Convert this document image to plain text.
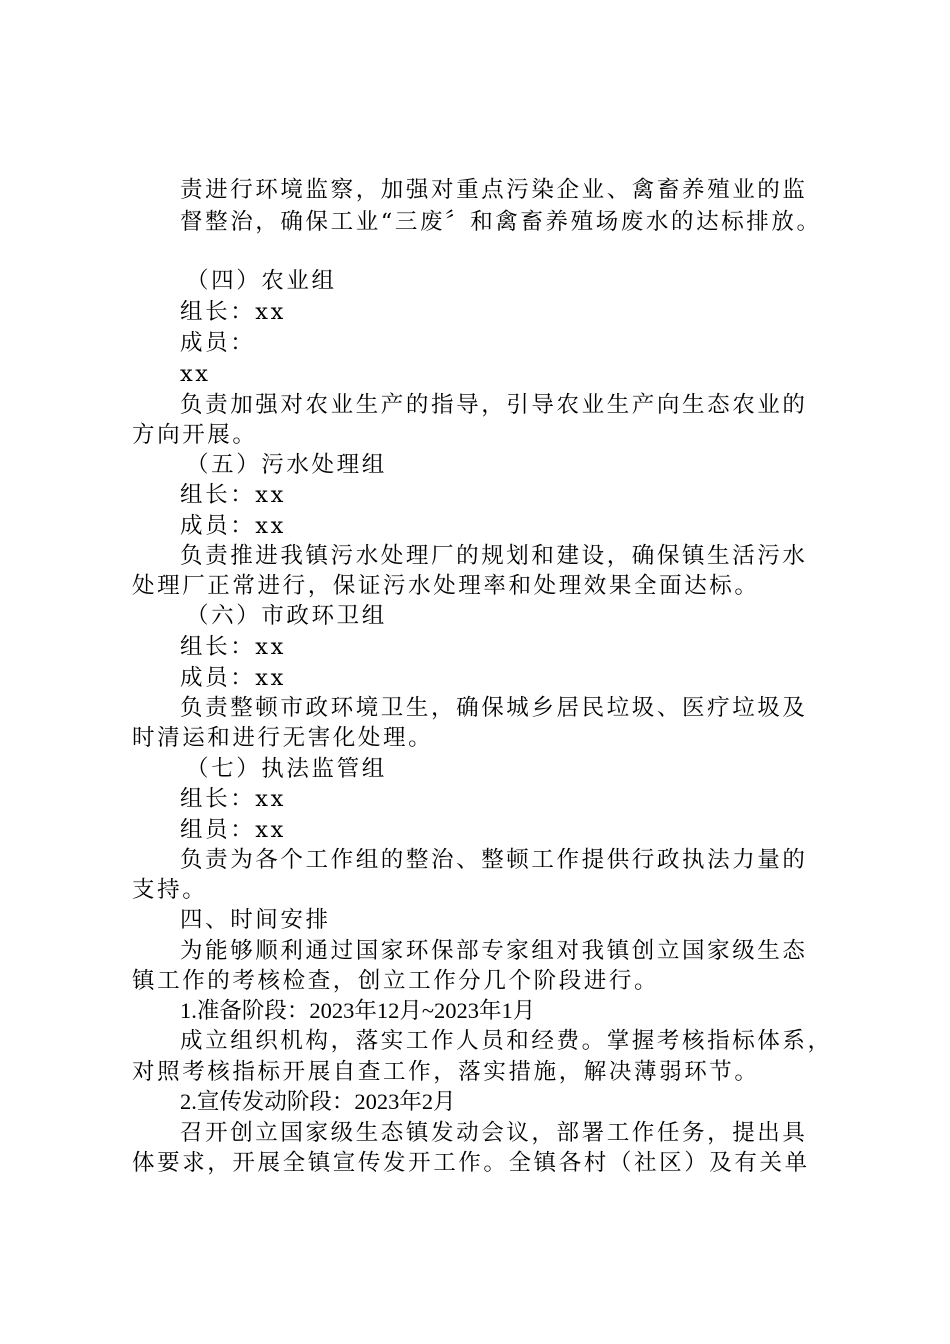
责进行环境监察，加强对重点污染企业、禽畜养殖业的监
督整治，确保工业“三废〞和禽畜养殖场废水的达标排放。
（四）农业组
组长：xx
成员：
xx
负责加强对农业生产的指导，引导农业生产向生态农业的
方向开展。
（五）污水处理组
组长：xx
成员：xx
负责推进我镇污水处理厂的规划和建设，确保镇生活污水
处理厂正常进行，保证污水处理率和处理效果全面达标。
（六）市政环卫组
组长：xx
成员：xx
负责整顿市政环境卫生，确保城乡居民垃圾、医疗垃圾及
时清运和进行无害化处理。
（七）执法监管组
组长：xx
组员：xx
负责为各个工作组的整治、整顿工作提供行政执法力量的
支持。
四、时间安排
为能够顺利通过国家环保部专家组对我镇创立国家级生态
镇工作的考核检查，创立工作分几个阶段进行。
1.准备阶段：2023年12月~2023年1月
成立组织机构，落实工作人员和经费。掌握考核指标体系，
对照考核指标开展自查工作，落实措施，解决薄弱环节。
2.宣传发动阶段：2023年2月
召开创立国家级生态镇发动会议，部署工作任务，提出具
体要求，开展全镇宣传发开工作。全镇各村（社区）及有关单
